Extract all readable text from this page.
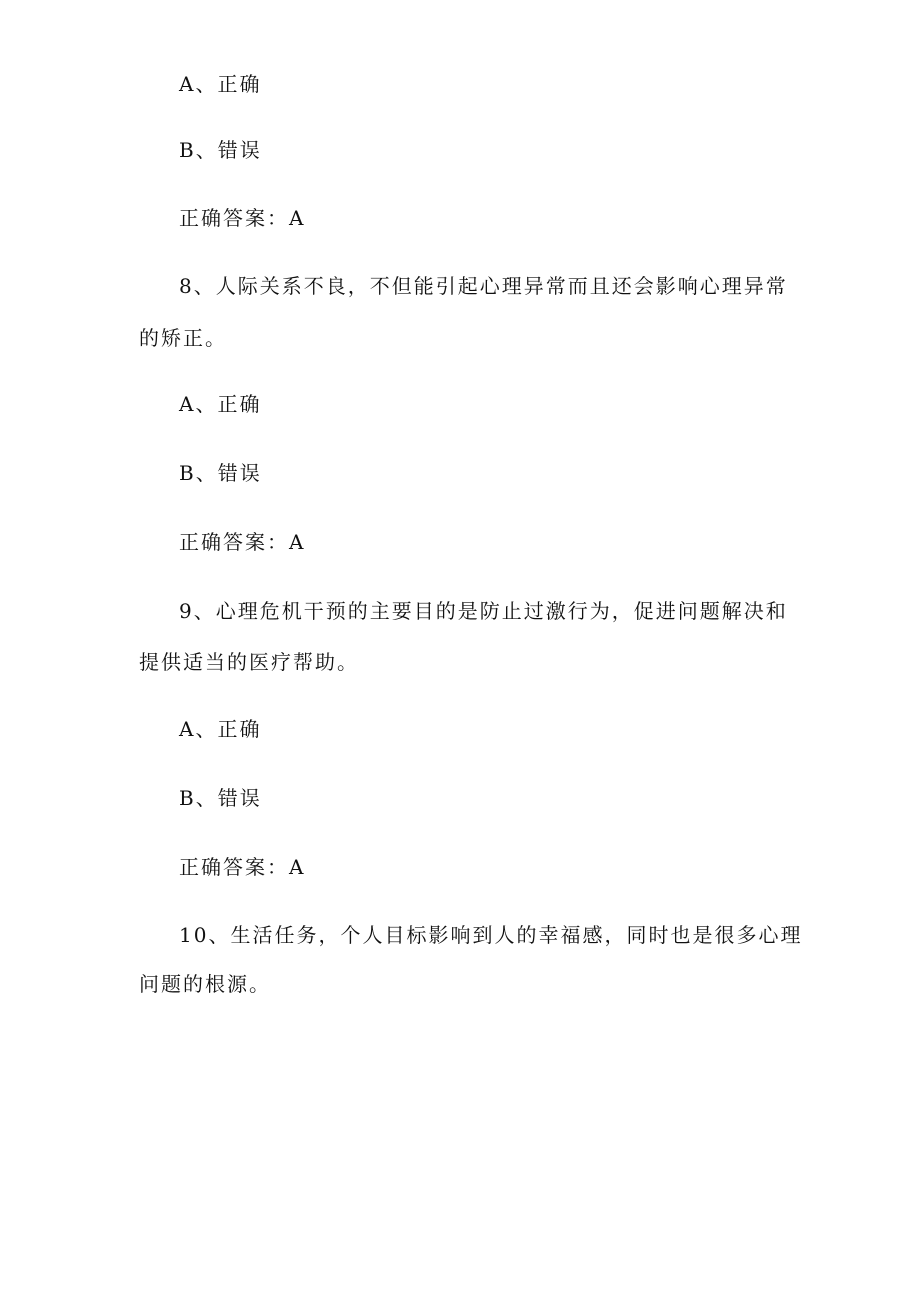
A、正确
B、错误
正确答案：A
8、人际关系不良，不但能引起心理异常而且还会影响心理异常
的矫正。
A、正确
B、错误
正确答案：A
9、心理危机干预的主要目的是防止过激行为，促进问题解决和
提供适当的医疗帮助。
A、正确
B、错误
正确答案：A
10、生活任务，个人目标影响到人的幸福感，同时也是很多心理
问题的根源。
